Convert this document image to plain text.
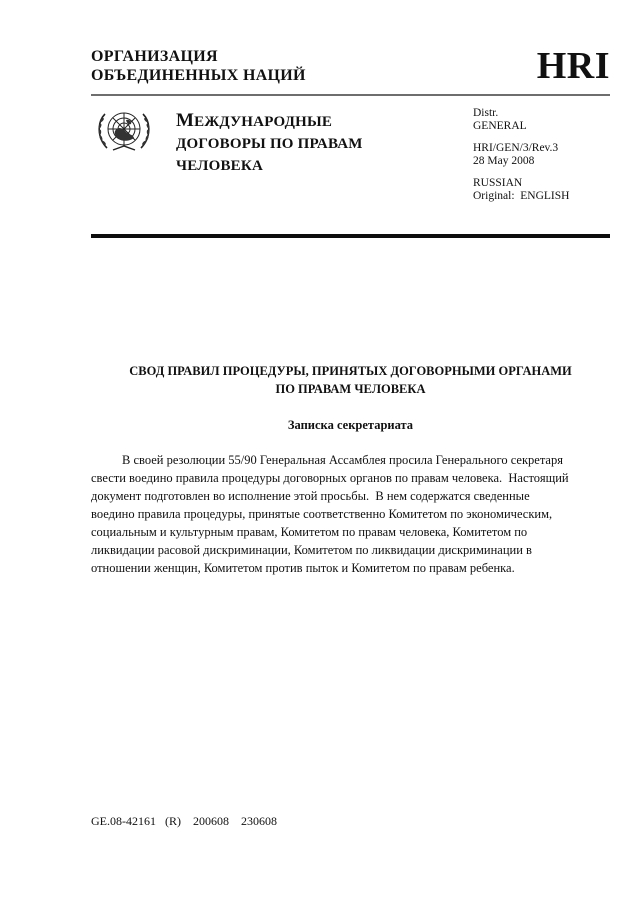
ОРГАНИЗАЦИЯ
ОБЪЕДИНЕННЫХ НАЦИЙ	HRI
МЕЖДУНАРОДНЫЕ
ДОГОВОРЫ ПО ПРАВАМ
ЧЕЛОВЕКА
Distr.
GENERAL
HRI/GEN/3/Rev.3
28 May 2008
RUSSIAN
Original:  ENGLISH
СВОД ПРАВИЛ ПРОЦЕДУРЫ, ПРИНЯТЫХ ДОГОВОРНЫМИ ОРГАНАМИ
ПО ПРАВАМ ЧЕЛОВЕКА
Записка секретариата
В своей резолюции 55/90 Генеральная Ассамблея просила Генерального секретаря
свести воедино правила процедуры договорных органов по правам человека.  Настоящий
документ подготовлен во исполнение этой просьбы.  В нем содержатся сведенные
воедино правила процедуры, принятые соответственно Комитетом по экономическим,
социальным и культурным правам, Комитетом по правам человека, Комитетом по
ликвидации расовой дискриминации, Комитетом по ликвидации дискриминации в
отношении женщин, Комитетом против пыток и Комитетом по правам ребенка.
GE.08-42161   (R)    200608    230608
